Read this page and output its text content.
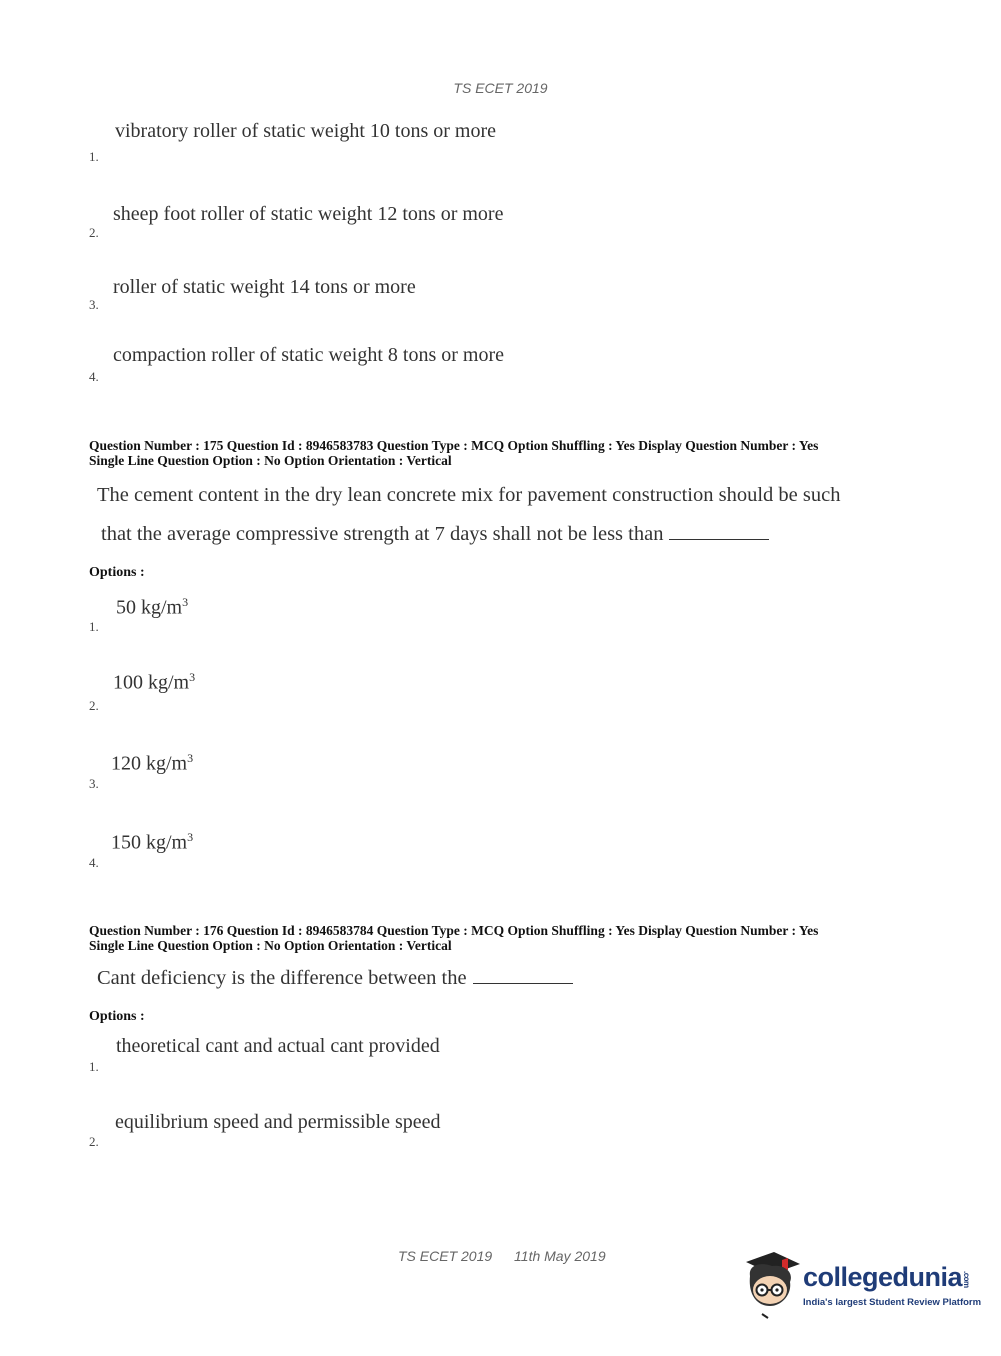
TS ECET 2019
vibratory roller of static weight 10 tons or more
1.
sheep foot roller of static weight 12 tons or more
2.
roller of static weight 14 tons or more
3.
compaction roller of static weight 8 tons or more
4.
Question Number : 175 Question Id : 8946583783 Question Type : MCQ Option Shuffling : Yes Display Question Number : Yes
Single Line Question Option : No Option Orientation : Vertical
The cement content in the dry lean concrete mix for pavement construction should be such
that the average compressive strength at 7 days shall not be less than
Options :
50 $kg/m^3$
1.
100 $kg/m^3$
2.
120 $kg/m^3$
3.
150 $kg/m^3$
4.
Question Number : 176 Question Id : 8946583784 Question Type : MCQ Option Shuffling : Yes Display Question Number : Yes
Single Line Question Option : No Option Orientation : Vertical
Cant deficiency is the difference between the
Options :
theoretical cant and actual cant provided
1.
equilibrium speed and permissible speed
2.
TS ECET 2019 11th May 2019
collegedunia.com
India's largest Student Review Platform
